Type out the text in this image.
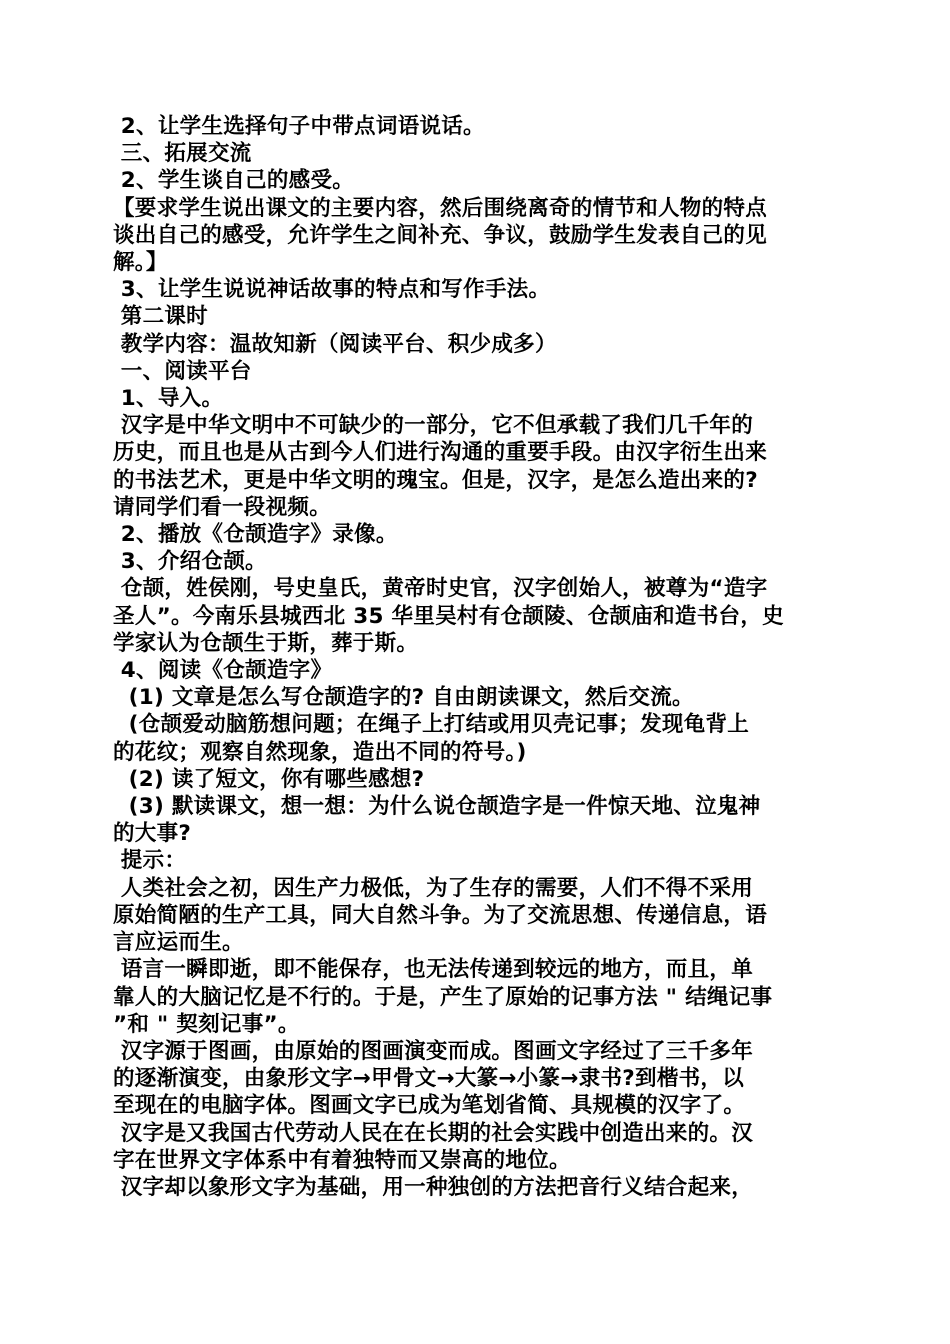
2、让学生选择句子中带点词语说话。
三、拓展交流
2、学生谈自己的感受。
【要求学生说出课文的主要内容，然后围绕离奇的情节和人物的特点
谈出自己的感受，允许学生之间补充、争议，鼓励学生发表自己的见
解。】
3、让学生说说神话故事的特点和写作手法。
第二课时
教学内容：温故知新（阅读平台、积少成多）
一、阅读平台
1、导入。
汉字是中华文明中不可缺少的一部分，它不但承载了我们几千年的
历史，而且也是从古到今人们进行沟通的重要手段。由汉字衍生出来
的书法艺术，更是中华文明的瑰宝。但是，汉字，是怎么造出来的?
请同学们看一段视频。
2、播放《仓颉造字》录像。
3、介绍仓颉。
仓颉，姓侯刚，号史皇氏，黄帝时史官，汉字创始人，被尊为“造字
圣人”。今南乐县城西北 35 华里吴村有仓颉陵、仓颉庙和造书台，史
学家认为仓颉生于斯，葬于斯。
4、阅读《仓颉造字》
(1) 文章是怎么写仓颉造字的? 自由朗读课文，然后交流。
(仓颉爱动脑筋想问题；在绳子上打结或用贝壳记事；发现龟背上
的花纹；观察自然现象，造出不同的符号。)
(2) 读了短文，你有哪些感想?
(3) 默读课文，想一想：为什么说仓颉造字是一件惊天地、泣鬼神
的大事?
提示：
人类社会之初，因生产力极低，为了生存的需要，人们不得不采用
原始简陋的生产工具，同大自然斗争。为了交流思想、传递信息，语
言应运而生。
语言一瞬即逝，即不能保存，也无法传递到较远的地方，而且，单
靠人的大脑记忆是不行的。于是，产生了原始的记事方法 " 结绳记事
”和 " 契刻记事”。
汉字源于图画，由原始的图画演变而成。图画文字经过了三千多年
的逐渐演变，由象形文字→甲骨文→大篆→小篆→隶书?到楷书，以
至现在的电脑字体。图画文字已成为笔划省简、具规模的汉字了。
汉字是又我国古代劳动人民在在长期的社会实践中创造出来的。汉
字在世界文字体系中有着独特而又崇高的地位。
汉字却以象形文字为基础，用一种独创的方法把音行义结合起来，
